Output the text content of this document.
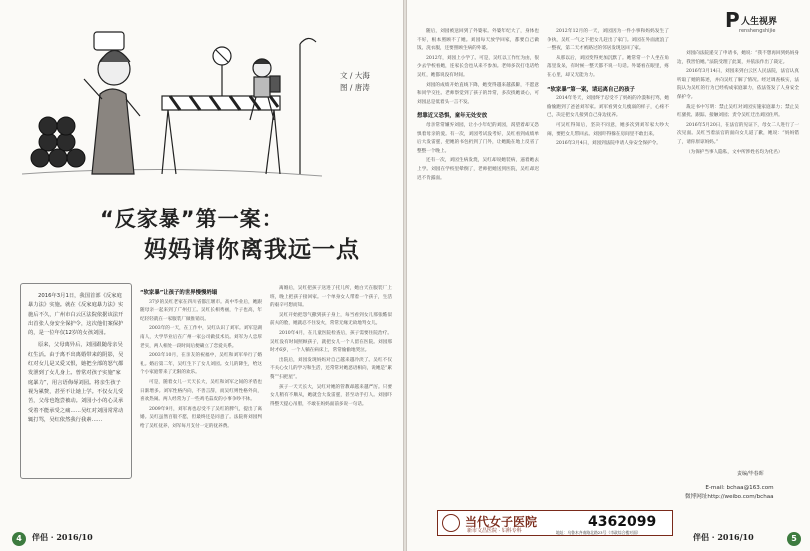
文 / 大海
图 / 唐涛
“反家暴”第一案：
妈妈请你离我远一点

2016年3月1日，我国首部《反家庭暴力法》实施。就在《反家庭暴力法》实施后不久，广州市白云区法院依据该法开出首张人身安全保护令，这次他们案保护的，是一位年仅12岁的女孩刘园。

原来，父母离异后，刘园跟随母亲吴红生活。由于离不出离婚带来的阴影，吴红对女儿是又爱又恨，她把全部的怒气都发泄到了女儿身上。曾常对孩子实施“家庭暴力”，用言语侮辱刘园。将亲生孩子视为累赘，甚至不让她上学。不仅女儿受苦，父母也饱尝被动。刘园小小的心灵承受着不能承受之痛……吴红对刘园常常动辄打骂，吴红依然我行我素……

“软家暴”让孩子的世界慢慢坍塌

37岁的吴红老家在四川省都江堰市。高中毕业后，她跟随母亲一起来到了广州打工。吴红长相秀丽，个子也高，年纪轻轻就在一家服装厂做推销员。

2003年的一天，在工作中，吴红认识了刘军。刘军是湖南人，大学毕业后在广州一家公司做技术员。刘军为人忠厚老实，两人相处一段时间后便确立了恋爱关系。

2003年10月，在亲友的祝福中，吴红和刘军举行了婚礼。婚后第二年，吴红生下了女儿刘园。女儿的降生，给这个小家庭带来了无限的欢乐。

可是，随着女儿一天天长大，吴红和刘军之间的矛盾也日渐增多。刘军性格内向，不善言辞，而吴红则性格外向，喜欢热闹。两人经常为了一些鸡毛蒜皮的小事争吵不休。

2009年9月，刘军再也忍受不了吴红的脾气，提出了离婚。吴红虽然百般不愿，但最终还是同意了。法院将刘园判给了吴红抚养，刘军每月支付一定的抚养费。

离婚后，吴红把孩子送进了托儿所，她白天在服装厂上班，晚上把孩子接回家。一个单身女人带着一个孩子，生活的艰辛可想而知。

吴红开始把怨气撒到孩子身上，每当看到女儿那张酷似前夫的脸，她就忍不住发火，常常无缘无故地骂女儿。

2010年4月，在儿童医院检查后，孩子需要住院治疗。吴红没有时间照顾孩子，就把女儿一个人留在医院。刘园那时才6岁，一个人躺在病床上，常常偷偷地哭泣。

出院后，刘园发现妈妈对自己越来越冷淡了。吴红不仅不关心女儿的学习和生活，还常常对她恶语相向，说她是“累赘”“扫把星”。

孩子一天天长大，吴红对她的管教却越来越严厉。只要女儿稍有不顺从，她就会大发雷霆，甚至动手打人。刘园吓得整天提心吊胆，不敢在妈妈面前多说一句话。

4	伴侣 · 2016/10
P 人生视界
renshengshijie

随后，刘园被送回到了外婆家。外婆年纪大了，身体也不好，根本照顾不了她。刘园每天放学回家，都要自己做饭、洗衣服，还要照顾生病的外婆。

2012年，刘园上小学了。可是，吴红以工作忙为由，很少去学校看她，连家长会也从来不参加。老师多次打电话给吴红，她都说没有时间。

刘园的成绩开始直线下降，她变得越来越孤僻，不愿意和同学交往。老师察觉到了孩子的异常，多次找她谈心，可刘园总是低着头一言不发。

想靠近又恐惧，童年无处安放

母亲常常嫌弃刘园，让小小年纪的刘园，渴望着却又恐惧着母亲的爱。有一次，刘园考试没考好，吴红看到成绩单后大发雷霆，把她的书包扔到了门外，让她跪在地上反省了整整一个晚上。

还有一次，刘园生病发烧，吴红却说她装病，逼着她去上学。刘园在学校里晕倒了，老师把她送到医院，吴红却迟迟不肯露面。

2012年12月的一天，刘园因为一件小事和妈妈发生了争执，吴红一气之下把女儿赶出了家门。刘园在外面流浪了一整夜，第二天才被路过的邻居发现送回了家。

从那以后，刘园变得更加沉默了。她常常一个人坐在角落里发呆，有时候一整天都不说一句话。外婆看在眼里，疼在心里，却又无能为力。

“软家暴”第一案，请远离自己的孩子

2014年冬天，刘园终于忍受不了妈妈的冷漠和打骂，她偷偷跑到了爸爸刘军家。刘军看到女儿瘦弱的样子，心疼不已，决定把女儿接到自己身边抚养。

可吴红得知后，坚决不同意，她多次到刘军家大吵大闹，要把女儿带回去。刘园吓得躲在房间里不敢出来。

2016年3月4日，刘园到法院申请人身安全保护令。

刘园向法院递交了申请书，她说：“我不想再回到妈妈身边，我害怕她。”法院受理了此案，并依法作出了裁定。

2016年3月14日，刘园来到白云区人民法院，法官认真听取了她的陈述，并向吴红了解了情况。经过调查核实，法院认为吴红的行为已经构成家庭暴力，依法签发了人身安全保护令。

裁定书中写明：禁止吴红对刘园实施家庭暴力；禁止吴红骚扰、跟踪、接触刘园；责令吴红迁出刘园住所。

2016年5月20日，在法官的见证下，母女二人进行了一次见面。吴红当着法官的面向女儿道了歉，她说：“妈妈错了，请你原谅妈妈。”

（为保护当事人隐私，文中所涉姓名均为化名）

责编/毕春晖
E-mail: bchaa@163.com
微博网址http://weibo.com/bchaa
当代女子医院
新市文昌医院 · 妇科专科
4362099
地址：乌鲁木齐南路北路23号（市政综合楼对面）	伴侣 · 2016/10	5
